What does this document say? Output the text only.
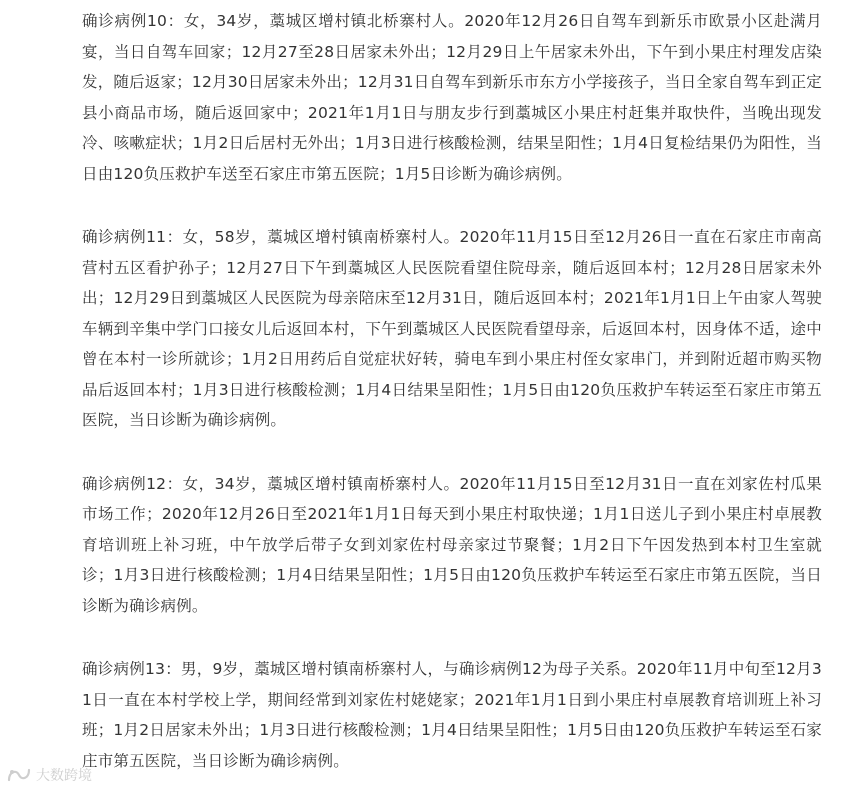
确诊病例10：女，34岁，藁城区增村镇北桥寨村人。2020年12月26日自驾车到新乐市欧景小区赴满月宴，当日自驾车回家；12月27至28日居家未外出；12月29日上午居家未外出，下午到小果庄村理发店染发，随后返家；12月30日居家未外出；12月31日自驾车到新乐市东方小学接孩子，当日全家自驾车到正定县小商品市场，随后返回家中；2021年1月1日与朋友步行到藁城区小果庄村赶集并取快件，当晚出现发冷、咳嗽症状；1月2日后居村无外出；1月3日进行核酸检测，结果呈阳性；1月4日复检结果仍为阳性，当日由120负压救护车送至石家庄市第五医院；1月5日诊断为确诊病例。

确诊病例11：女，58岁，藁城区增村镇南桥寨村人。2020年11月15日至12月26日一直在石家庄市南高营村五区看护孙子；12月27日下午到藁城区人民医院看望住院母亲，随后返回本村；12月28日居家未外出；12月29日到藁城区人民医院为母亲陪床至12月31日，随后返回本村；2021年1月1日上午由家人驾驶车辆到辛集中学门口接女儿后返回本村，下午到藁城区人民医院看望母亲，后返回本村，因身体不适，途中曾在本村一诊所就诊；1月2日用药后自觉症状好转，骑电车到小果庄村侄女家串门，并到附近超市购买物品后返回本村；1月3日进行核酸检测；1月4日结果呈阳性；1月5日由120负压救护车转运至石家庄市第五医院，当日诊断为确诊病例。

确诊病例12：女，34岁，藁城区增村镇南桥寨村人。2020年11月15日至12月31日一直在刘家佐村瓜果市场工作；2020年12月26日至2021年1月1日每天到小果庄村取快递；1月1日送儿子到小果庄村卓展教育培训班上补习班，中午放学后带子女到刘家佐村母亲家过节聚餐；1月2日下午因发热到本村卫生室就诊；1月3日进行核酸检测；1月4日结果呈阳性；1月5日由120负压救护车转运至石家庄市第五医院，当日诊断为确诊病例。

确诊病例13：男，9岁，藁城区增村镇南桥寨村人，与确诊病例12为母子关系。2020年11月中旬至12月31日一直在本村学校上学，期间经常到刘家佐村姥姥家；2021年1月1日到小果庄村卓展教育培训班上补习班；1月2日居家未外出；1月3日进行核酸检测；1月4日结果呈阳性；1月5日由120负压救护车转运至石家庄市第五医院，当日诊断为确诊病例。

大数跨境
